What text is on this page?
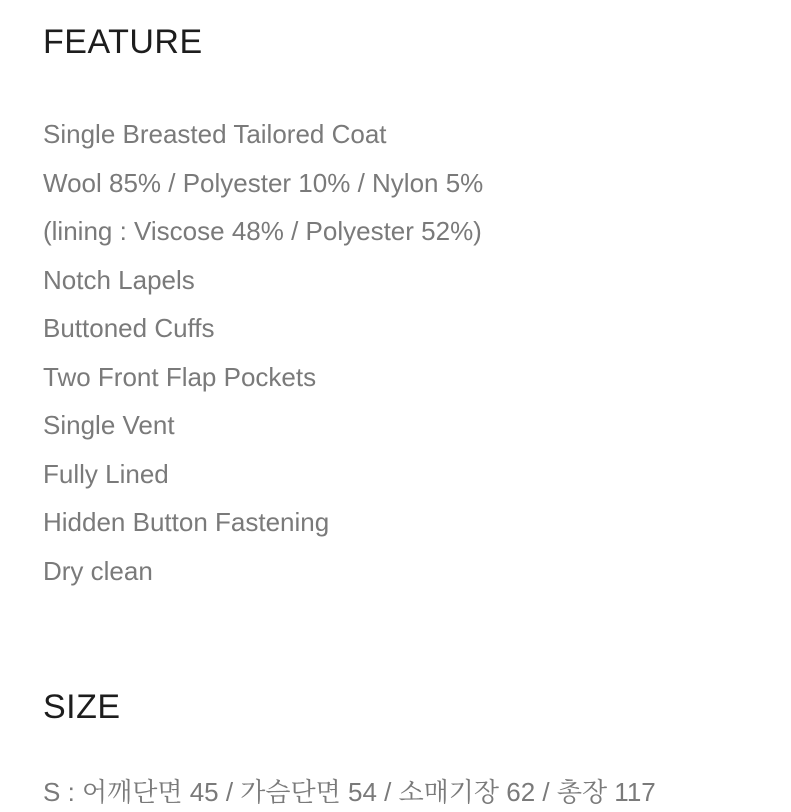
FEATURE
Single Breasted Tailored Coat
Wool 85% / Polyester 10% / Nylon 5%
(lining : Viscose 48% / Polyester 52%)
Notch Lapels
Buttoned Cuffs
Two Front Flap Pockets
Single Vent
Fully Lined
Hidden Button Fastening
Dry clean
SIZE

S : 어깨단면 45 / 가슴단면 54 / 소매기장 62 / 총장 117
